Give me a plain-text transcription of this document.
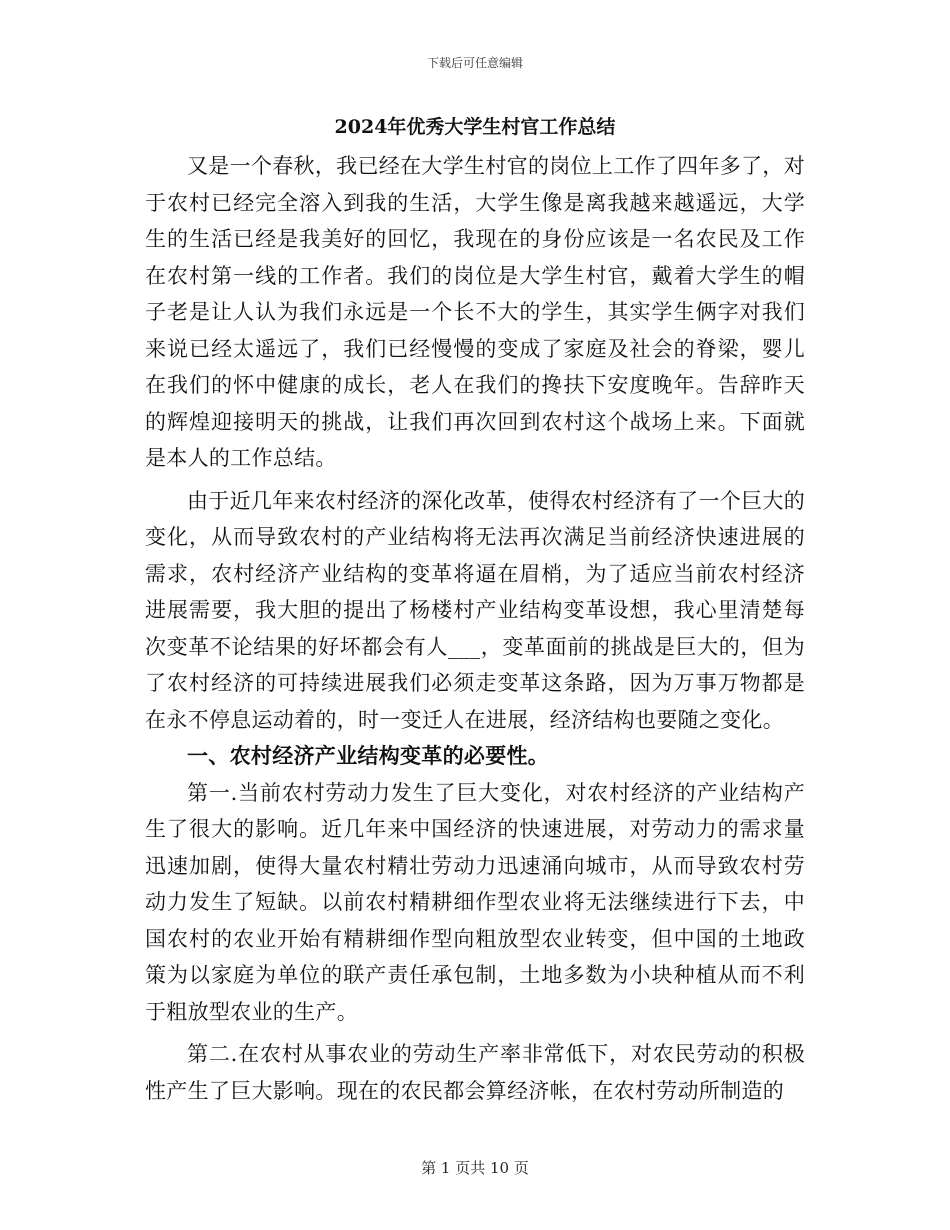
下载后可任意编辑
2024年优秀大学生村官工作总结

又是一个春秋，我已经在大学生村官的岗位上工作了四年多了，对于农村已经完全溶入到我的生活，大学生像是离我越来越遥远，大学生的生活已经是我美好的回忆，我现在的身份应该是一名农民及工作在农村第一线的工作者。我们的岗位是大学生村官，戴着大学生的帽子老是让人认为我们永远是一个长不大的学生，其实学生俩字对我们来说已经太遥远了，我们已经慢慢的变成了家庭及社会的脊梁，婴儿在我们的怀中健康的成长，老人在我们的搀扶下安度晚年。告辞昨天的辉煌迎接明天的挑战，让我们再次回到农村这个战场上来。下面就是本人的工作总结。

由于近几年来农村经济的深化改革，使得农村经济有了一个巨大的变化，从而导致农村的产业结构将无法再次满足当前经济快速进展的需求，农村经济产业结构的变革将逼在眉梢，为了适应当前农村经济进展需要，我大胆的提出了杨楼村产业结构变革设想，我心里清楚每次变革不论结果的好坏都会有人___，变革面前的挑战是巨大的，但为了农村经济的可持续进展我们必须走变革这条路，因为万事万物都是在永不停息运动着的，时一变迁人在进展，经济结构也要随之变化。

一、农村经济产业结构变革的必要性。

第一.当前农村劳动力发生了巨大变化，对农村经济的产业结构产生了很大的影响。近几年来中国经济的快速进展，对劳动力的需求量迅速加剧，使得大量农村精壮劳动力迅速涌向城市，从而导致农村劳动力发生了短缺。以前农村精耕细作型农业将无法继续进行下去，中国农村的农业开始有精耕细作型向粗放型农业转变，但中国的土地政策为以家庭为单位的联产责任承包制，土地多数为小块种植从而不利于粗放型农业的生产。

第二.在农村从事农业的劳动生产率非常低下，对农民劳动的积极性产生了巨大影响。现在的农民都会算经济帐，在农村劳动所制造的

第 1 页共 10 页
